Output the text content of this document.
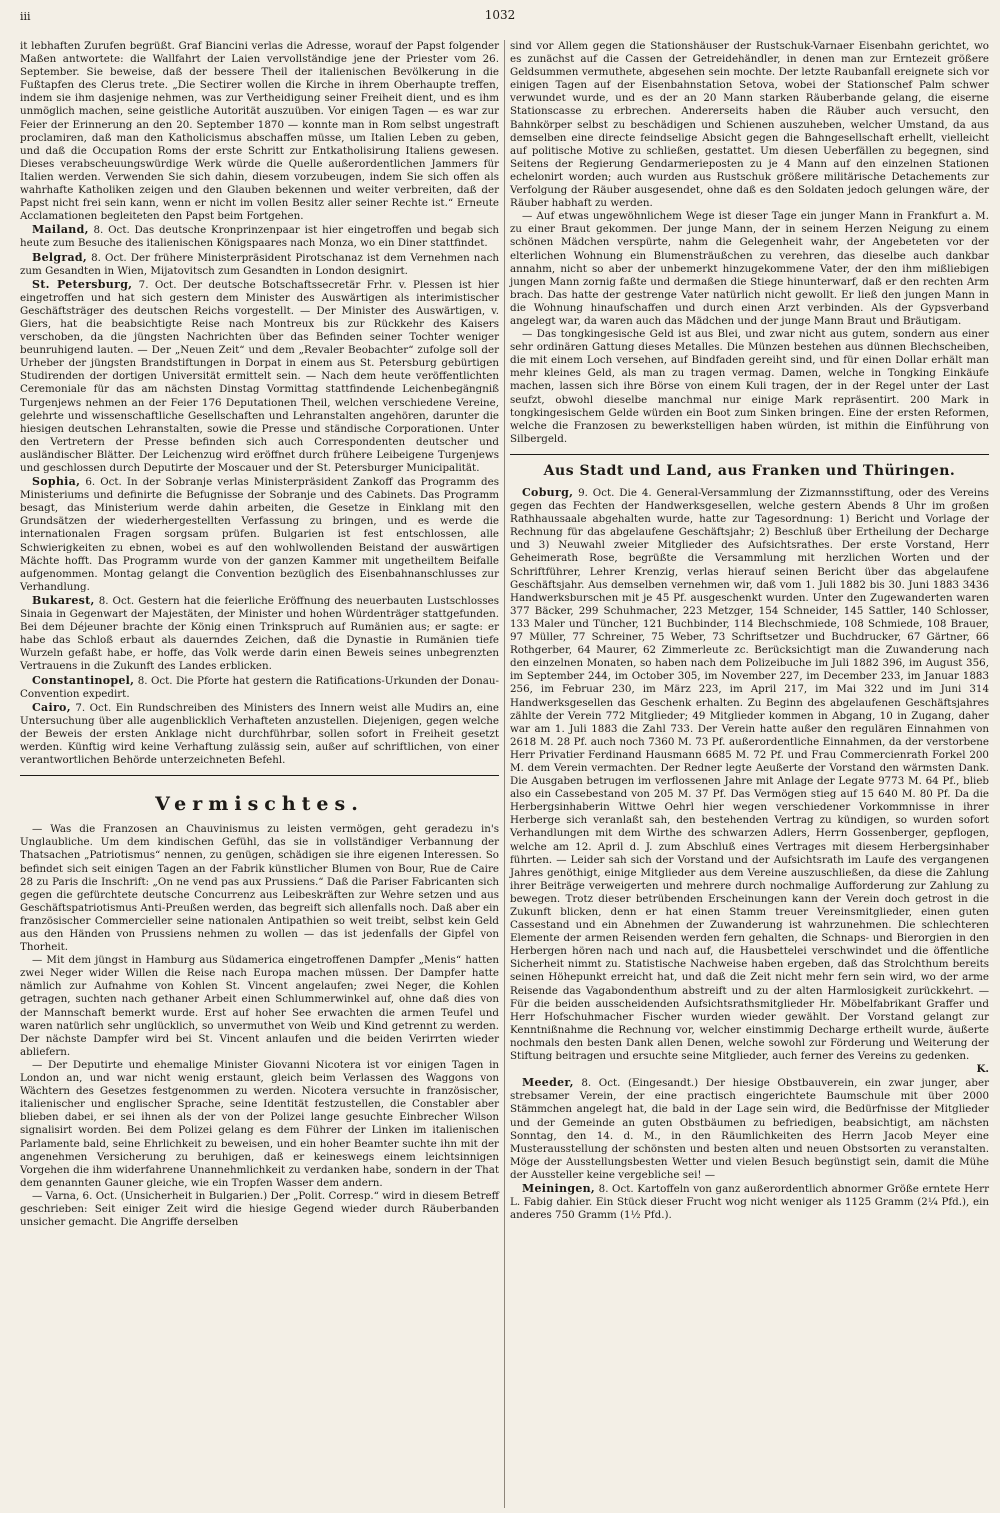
iii	1032

it lebhaften Zurufen begrüßt. Graf Biancini verlas die Adresse, worauf der Papst folgender Maßen antwortete: die Wallfahrt der Laien vervollständige jene der Priester vom 26. September. Sie beweise, daß der bessere Theil der italienischen Bevölkerung in die Fußtapfen des Clerus trete. „Die Sectirer wollen die Kirche in ihrem Oberhaupte treffen, indem sie ihm dasjenige nehmen, was zur Vertheidigung seiner Freiheit dient, und es ihm unmöglich machen, seine geistliche Autorität auszuüben. Vor einigen Tagen — es war zur Feier der Erinnerung an den 20. September 1870 — konnte man in Rom selbst ungestraft proclamiren, daß man den Katholicismus abschaffen müsse, um Italien Leben zu geben, und daß die Occupation Roms der erste Schritt zur Entkatholisirung Italiens gewesen. Dieses verabscheuungswürdige Werk würde die Quelle außerordentlichen Jammers für Italien werden. Verwenden Sie sich dahin, diesem vorzubeugen, indem Sie sich offen als wahrhafte Katholiken zeigen und den Glauben bekennen und weiter verbreiten, daß der Papst nicht frei sein kann, wenn er nicht im vollen Besitz aller seiner Rechte ist.“ Erneute Acclamationen begleiteten den Papst beim Fortgehen.

Mailand, 8. Oct. Das deutsche Kronprinzenpaar ist hier eingetroffen und begab sich heute zum Besuche des italienischen Königspaares nach Monza, wo ein Diner stattfindet.

Belgrad, 8. Oct. Der frühere Ministerpräsident Pirotschanaz ist dem Vernehmen nach zum Gesandten in Wien, Mijatovitsch zum Gesandten in London designirt.

St. Petersburg, 7. Oct. Der deutsche Botschaftssecretär Frhr. v. Plessen ist hier eingetroffen und hat sich gestern dem Minister des Auswärtigen als interimistischer Geschäftsträger des deutschen Reichs vorgestellt. — Der Minister des Auswärtigen, v. Giers, hat die beabsichtigte Reise nach Montreux bis zur Rückkehr des Kaisers verschoben, da die jüngsten Nachrichten über das Befinden seiner Tochter weniger beunruhigend lauten. — Der „Neuen Zeit“ und dem „Revaler Beobachter“ zufolge soll der Urheber der jüngsten Brandstiftungen in Dorpat in einem aus St. Petersburg gebürtigen Studirenden der dortigen Universität ermittelt sein. — Nach dem heute veröffentlichten Ceremoniale für das am nächsten Dinstag Vormittag stattfindende Leichenbegängniß Turgenjews nehmen an der Feier 176 Deputationen Theil, welchen verschiedene Vereine, gelehrte und wissenschaftliche Gesellschaften und Lehranstalten angehören, darunter die hiesigen deutschen Lehranstalten, sowie die Presse und ständische Corporationen. Unter den Vertretern der Presse befinden sich auch Correspondenten deutscher und ausländischer Blätter. Der Leichenzug wird eröffnet durch frühere Leibeigene Turgenjews und geschlossen durch Deputirte der Moscauer und der St. Petersburger Municipalität.

Sophia, 6. Oct. In der Sobranje verlas Ministerpräsident Zankoff das Programm des Ministeriums und definirte die Befugnisse der Sobranje und des Cabinets. Das Programm besagt, das Ministerium werde dahin arbeiten, die Gesetze in Einklang mit den Grundsätzen der wiederhergestellten Verfassung zu bringen, und es werde die internationalen Fragen sorgsam prüfen. Bulgarien ist fest entschlossen, alle Schwierigkeiten zu ebnen, wobei es auf den wohlwollenden Beistand der auswärtigen Mächte hofft. Das Programm wurde von der ganzen Kammer mit ungetheiltem Beifalle aufgenommen. Montag gelangt die Convention bezüglich des Eisenbahnanschlusses zur Verhandlung.

Bukarest, 8. Oct. Gestern hat die feierliche Eröffnung des neuerbauten Lustschlosses Sinaia in Gegenwart der Majestäten, der Minister und hohen Würdenträger stattgefunden. Bei dem Déjeuner brachte der König einen Trinkspruch auf Rumänien aus; er sagte: er habe das Schloß erbaut als dauerndes Zeichen, daß die Dynastie in Rumänien tiefe Wurzeln gefaßt habe, er hoffe, das Volk werde darin einen Beweis seines unbegrenzten Vertrauens in die Zukunft des Landes erblicken.

Constantinopel, 8. Oct. Die Pforte hat gestern die Ratifications-Urkunden der Donau-Convention expedirt.

Cairo, 7. Oct. Ein Rundschreiben des Ministers des Innern weist alle Mudirs an, eine Untersuchung über alle augenblicklich Verhafteten anzustellen. Diejenigen, gegen welche der Beweis der ersten Anklage nicht durchführbar, sollen sofort in Freiheit gesetzt werden. Künftig wird keine Verhaftung zulässig sein, außer auf schriftlichen, von einer verantwortlichen Behörde unterzeichneten Befehl.

Vermischtes.

— Was die Franzosen an Chauvinismus zu leisten vermögen, geht geradezu in's Unglaubliche. Um dem kindischen Gefühl, das sie in vollständiger Verbannung der Thatsachen „Patriotismus“ nennen, zu genügen, schädigen sie ihre eigenen Interessen. So befindet sich seit einigen Tagen an der Fabrik künstlicher Blumen von Bour, Rue de Caire 28 zu Paris die Inschrift: „On ne vend pas aux Prussiens.“ Daß die Pariser Fabricanten sich gegen die gefürchtete deutsche Concurrenz aus Leibeskräften zur Wehre setzen und aus Geschäftspatriotismus Anti-Preußen werden, das begreift sich allenfalls noch. Daß aber ein französischer Commercieller seine nationalen Antipathien so weit treibt, selbst kein Geld aus den Händen von Prussiens nehmen zu wollen — das ist jedenfalls der Gipfel von Thorheit.

— Mit dem jüngst in Hamburg aus Südamerica eingetroffenen Dampfer „Menis“ hatten zwei Neger wider Willen die Reise nach Europa machen müssen. Der Dampfer hatte nämlich zur Aufnahme von Kohlen St. Vincent angelaufen; zwei Neger, die Kohlen getragen, suchten nach gethaner Arbeit einen Schlummerwinkel auf, ohne daß dies von der Mannschaft bemerkt wurde. Erst auf hoher See erwachten die armen Teufel und waren natürlich sehr unglücklich, so unvermuthet von Weib und Kind getrennt zu werden. Der nächste Dampfer wird bei St. Vincent anlaufen und die beiden Verirrten wieder abliefern.

— Der Deputirte und ehemalige Minister Giovanni Nicotera ist vor einigen Tagen in London an, und war nicht wenig erstaunt, gleich beim Verlassen des Waggons von Wächtern des Gesetzes festgenommen zu werden. Nicotera versuchte in französischer, italienischer und englischer Sprache, seine Identität festzustellen, die Constabler aber blieben dabei, er sei ihnen als der von der Polizei lange gesuchte Einbrecher Wilson signalisirt worden. Bei dem Polizei gelang es dem Führer der Linken im italienischen Parlamente bald, seine Ehrlichkeit zu beweisen, und ein hoher Beamter suchte ihn mit der angenehmen Versicherung zu beruhigen, daß er keineswegs einem leichtsinnigen Vorgehen die ihm widerfahrene Unannehmlichkeit zu verdanken habe, sondern in der That dem genannten Gauner gleiche, wie ein Tropfen Wasser dem andern.

— Varna, 6. Oct. (Unsicherheit in Bulgarien.) Der „Polit. Corresp.“ wird in diesem Betreff geschrieben: Seit einiger Zeit wird die hiesige Gegend wieder durch Räuberbanden unsicher gemacht. Die Angriffe derselben

sind vor Allem gegen die Stationshäuser der Rustschuk-Varnaer Eisenbahn gerichtet, wo es zunächst auf die Cassen der Getreidehändler, in denen man zur Erntezeit größere Geldsummen vermuthete, abgesehen sein mochte. Der letzte Raubanfall ereignete sich vor einigen Tagen auf der Eisenbahnstation Setova, wobei der Stationschef Palm schwer verwundet wurde, und es der an 20 Mann starken Räuberbande gelang, die eiserne Stationscasse zu erbrechen. Andererseits haben die Räuber auch versucht, den Bahnkörper selbst zu beschädigen und Schienen auszuheben, welcher Umstand, da aus demselben eine directe feindselige Absicht gegen die Bahngesellschaft erhellt, vielleicht auf politische Motive zu schließen, gestattet. Um diesen Ueberfällen zu begegnen, sind Seitens der Regierung Gendarmerieposten zu je 4 Mann auf den einzelnen Stationen echelonirt worden; auch wurden aus Rustschuk größere militärische Detachements zur Verfolgung der Räuber ausgesendet, ohne daß es den Soldaten jedoch gelungen wäre, der Räuber habhaft zu werden.

— Auf etwas ungewöhnlichem Wege ist dieser Tage ein junger Mann in Frankfurt a. M. zu einer Braut gekommen. Der junge Mann, der in seinem Herzen Neigung zu einem schönen Mädchen verspürte, nahm die Gelegenheit wahr, der Angebeteten vor der elterlichen Wohnung ein Blumensträußchen zu verehren, das dieselbe auch dankbar annahm, nicht so aber der unbemerkt hinzugekommene Vater, der den ihm mißliebigen jungen Mann zornig faßte und dermaßen die Stiege hinunterwarf, daß er den rechten Arm brach. Das hatte der gestrenge Vater natürlich nicht gewollt. Er ließ den jungen Mann in die Wohnung hinaufschaffen und durch einen Arzt verbinden. Als der Gypsverband angelegt war, da waren auch das Mädchen und der junge Mann Braut und Bräutigam.

— Das tongkingesische Geld ist aus Blei, und zwar nicht aus gutem, sondern aus einer sehr ordinären Gattung dieses Metalles. Die Münzen bestehen aus dünnen Blechscheiben, die mit einem Loch versehen, auf Bindfaden gereiht sind, und für einen Dollar erhält man mehr kleines Geld, als man zu tragen vermag. Damen, welche in Tongking Einkäufe machen, lassen sich ihre Börse von einem Kuli tragen, der in der Regel unter der Last seufzt, obwohl dieselbe manchmal nur einige Mark repräsentirt. 200 Mark in tongkingesischem Gelde würden ein Boot zum Sinken bringen. Eine der ersten Reformen, welche die Franzosen zu bewerkstelligen haben würden, ist mithin die Einführung von Silbergeld.

Aus Stadt und Land, aus Franken und Thüringen.

Coburg, 9. Oct. Die 4. General-Versammlung der Zizmannsstiftung, oder des Vereins gegen das Fechten der Handwerksgesellen, welche gestern Abends 8 Uhr im großen Rathhaussaale abgehalten wurde, hatte zur Tagesordnung: 1) Bericht und Vorlage der Rechnung für das abgelaufene Geschäftsjahr; 2) Beschluß über Ertheilung der Decharge und 3) Neuwahl zweier Mitglieder des Aufsichtsrathes. Der erste Vorstand, Herr Geheimerath Rose, begrüßte die Versammlung mit herzlichen Worten und der Schriftführer, Lehrer Krenzig, verlas hierauf seinen Bericht über das abgelaufene Geschäftsjahr. Aus demselben vernehmen wir, daß vom 1. Juli 1882 bis 30. Juni 1883 3436 Handwerksburschen mit je 45 Pf. ausgeschenkt wurden. Unter den Zugewanderten waren 377 Bäcker, 299 Schuhmacher, 223 Metzger, 154 Schneider, 145 Sattler, 140 Schlosser, 133 Maler und Tüncher, 121 Buchbinder, 114 Blechschmiede, 108 Schmiede, 108 Brauer, 97 Müller, 77 Schreiner, 75 Weber, 73 Schriftsetzer und Buchdrucker, 67 Gärtner, 66 Rothgerber, 64 Maurer, 62 Zimmerleute zc. Berücksichtigt man die Zuwanderung nach den einzelnen Monaten, so haben nach dem Polizeibuche im Juli 1882 396, im August 356, im September 244, im October 305, im November 227, im December 233, im Januar 1883 256, im Februar 230, im März 223, im April 217, im Mai 322 und im Juni 314 Handwerksgesellen das Geschenk erhalten. Zu Beginn des abgelaufenen Geschäftsjahres zählte der Verein 772 Mitglieder; 49 Mitglieder kommen in Abgang, 10 in Zugang, daher war am 1. Juli 1883 die Zahl 733. Der Verein hatte außer den regulären Einnahmen von 2618 M. 28 Pf. auch noch 7360 M. 73 Pf. außerordentliche Einnahmen, da der verstorbene Herr Privatier Ferdinand Hausmann 6685 M. 72 Pf. und Frau Commercienrath Forkel 200 M. dem Verein vermachten. Der Redner legte Aeußerte der Vorstand den wärmsten Dank. Die Ausgaben betrugen im verflossenen Jahre mit Anlage der Legate 9773 M. 64 Pf., blieb also ein Cassebestand von 205 M. 37 Pf. Das Vermögen stieg auf 15 640 M. 80 Pf. Da die Herbergsinhaberin Wittwe Oehrl hier wegen verschiedener Vorkommnisse in ihrer Herberge sich veranlaßt sah, den bestehenden Vertrag zu kündigen, so wurden sofort Verhandlungen mit dem Wirthe des schwarzen Adlers, Herrn Gossenberger, gepflogen, welche am 12. April d. J. zum Abschluß eines Vertrages mit diesem Herbergsinhaber führten. — Leider sah sich der Vorstand und der Aufsichtsrath im Laufe des vergangenen Jahres genöthigt, einige Mitglieder aus dem Vereine auszuschließen, da diese die Zahlung ihrer Beiträge verweigerten und mehrere durch nochmalige Aufforderung zur Zahlung zu bewegen. Trotz dieser betrübenden Erscheinungen kann der Verein doch getrost in die Zukunft blicken, denn er hat einen Stamm treuer Vereinsmitglieder, einen guten Cassestand und ein Abnehmen der Zuwanderung ist wahrzunehmen. Die schlechteren Elemente der armen Reisenden werden fern gehalten, die Schnaps- und Bierorgien in den Herbergen hören nach und nach auf, die Hausbettelei verschwindet und die öffentliche Sicherheit nimmt zu. Statistische Nachweise haben ergeben, daß das Strolchthum bereits seinen Höhepunkt erreicht hat, und daß die Zeit nicht mehr fern sein wird, wo der arme Reisende das Vagabondenthum abstreift und zu der alten Harmlosigkeit zurückkehrt. — Für die beiden ausscheidenden Aufsichtsrathsmitglieder Hr. Möbelfabrikant Graffer und Herr Hofschuhmacher Fischer wurden wieder gewählt. Der Vorstand gelangt zur Kenntnißnahme die Rechnung vor, welcher einstimmig Decharge ertheilt wurde, äußerte nochmals den besten Dank allen Denen, welche sowohl zur Förderung und Weiterung der Stiftung beitragen und ersuchte seine Mitglieder, auch ferner des Vereins zu gedenken.

K.

Meeder, 8. Oct. (Eingesandt.) Der hiesige Obstbauverein, ein zwar junger, aber strebsamer Verein, der eine practisch eingerichtete Baumschule mit über 2000 Stämmchen angelegt hat, die bald in der Lage sein wird, die Bedürfnisse der Mitglieder und der Gemeinde an guten Obstbäumen zu befriedigen, beabsichtigt, am nächsten Sonntag, den 14. d. M., in den Räumlichkeiten des Herrn Jacob Meyer eine Musterausstellung der schönsten und besten alten und neuen Obstsorten zu veranstalten. Möge der Ausstellungsbesten Wetter und vielen Besuch begünstigt sein, damit die Mühe der Aussteller keine vergebliche sei! —

Meiningen, 8. Oct. Kartoffeln von ganz außerordentlich abnormer Größe erntete Herr L. Fabig dahier. Ein Stück dieser Frucht wog nicht weniger als 1125 Gramm (2¼ Pfd.), ein anderes 750 Gramm (1½ Pfd.).
